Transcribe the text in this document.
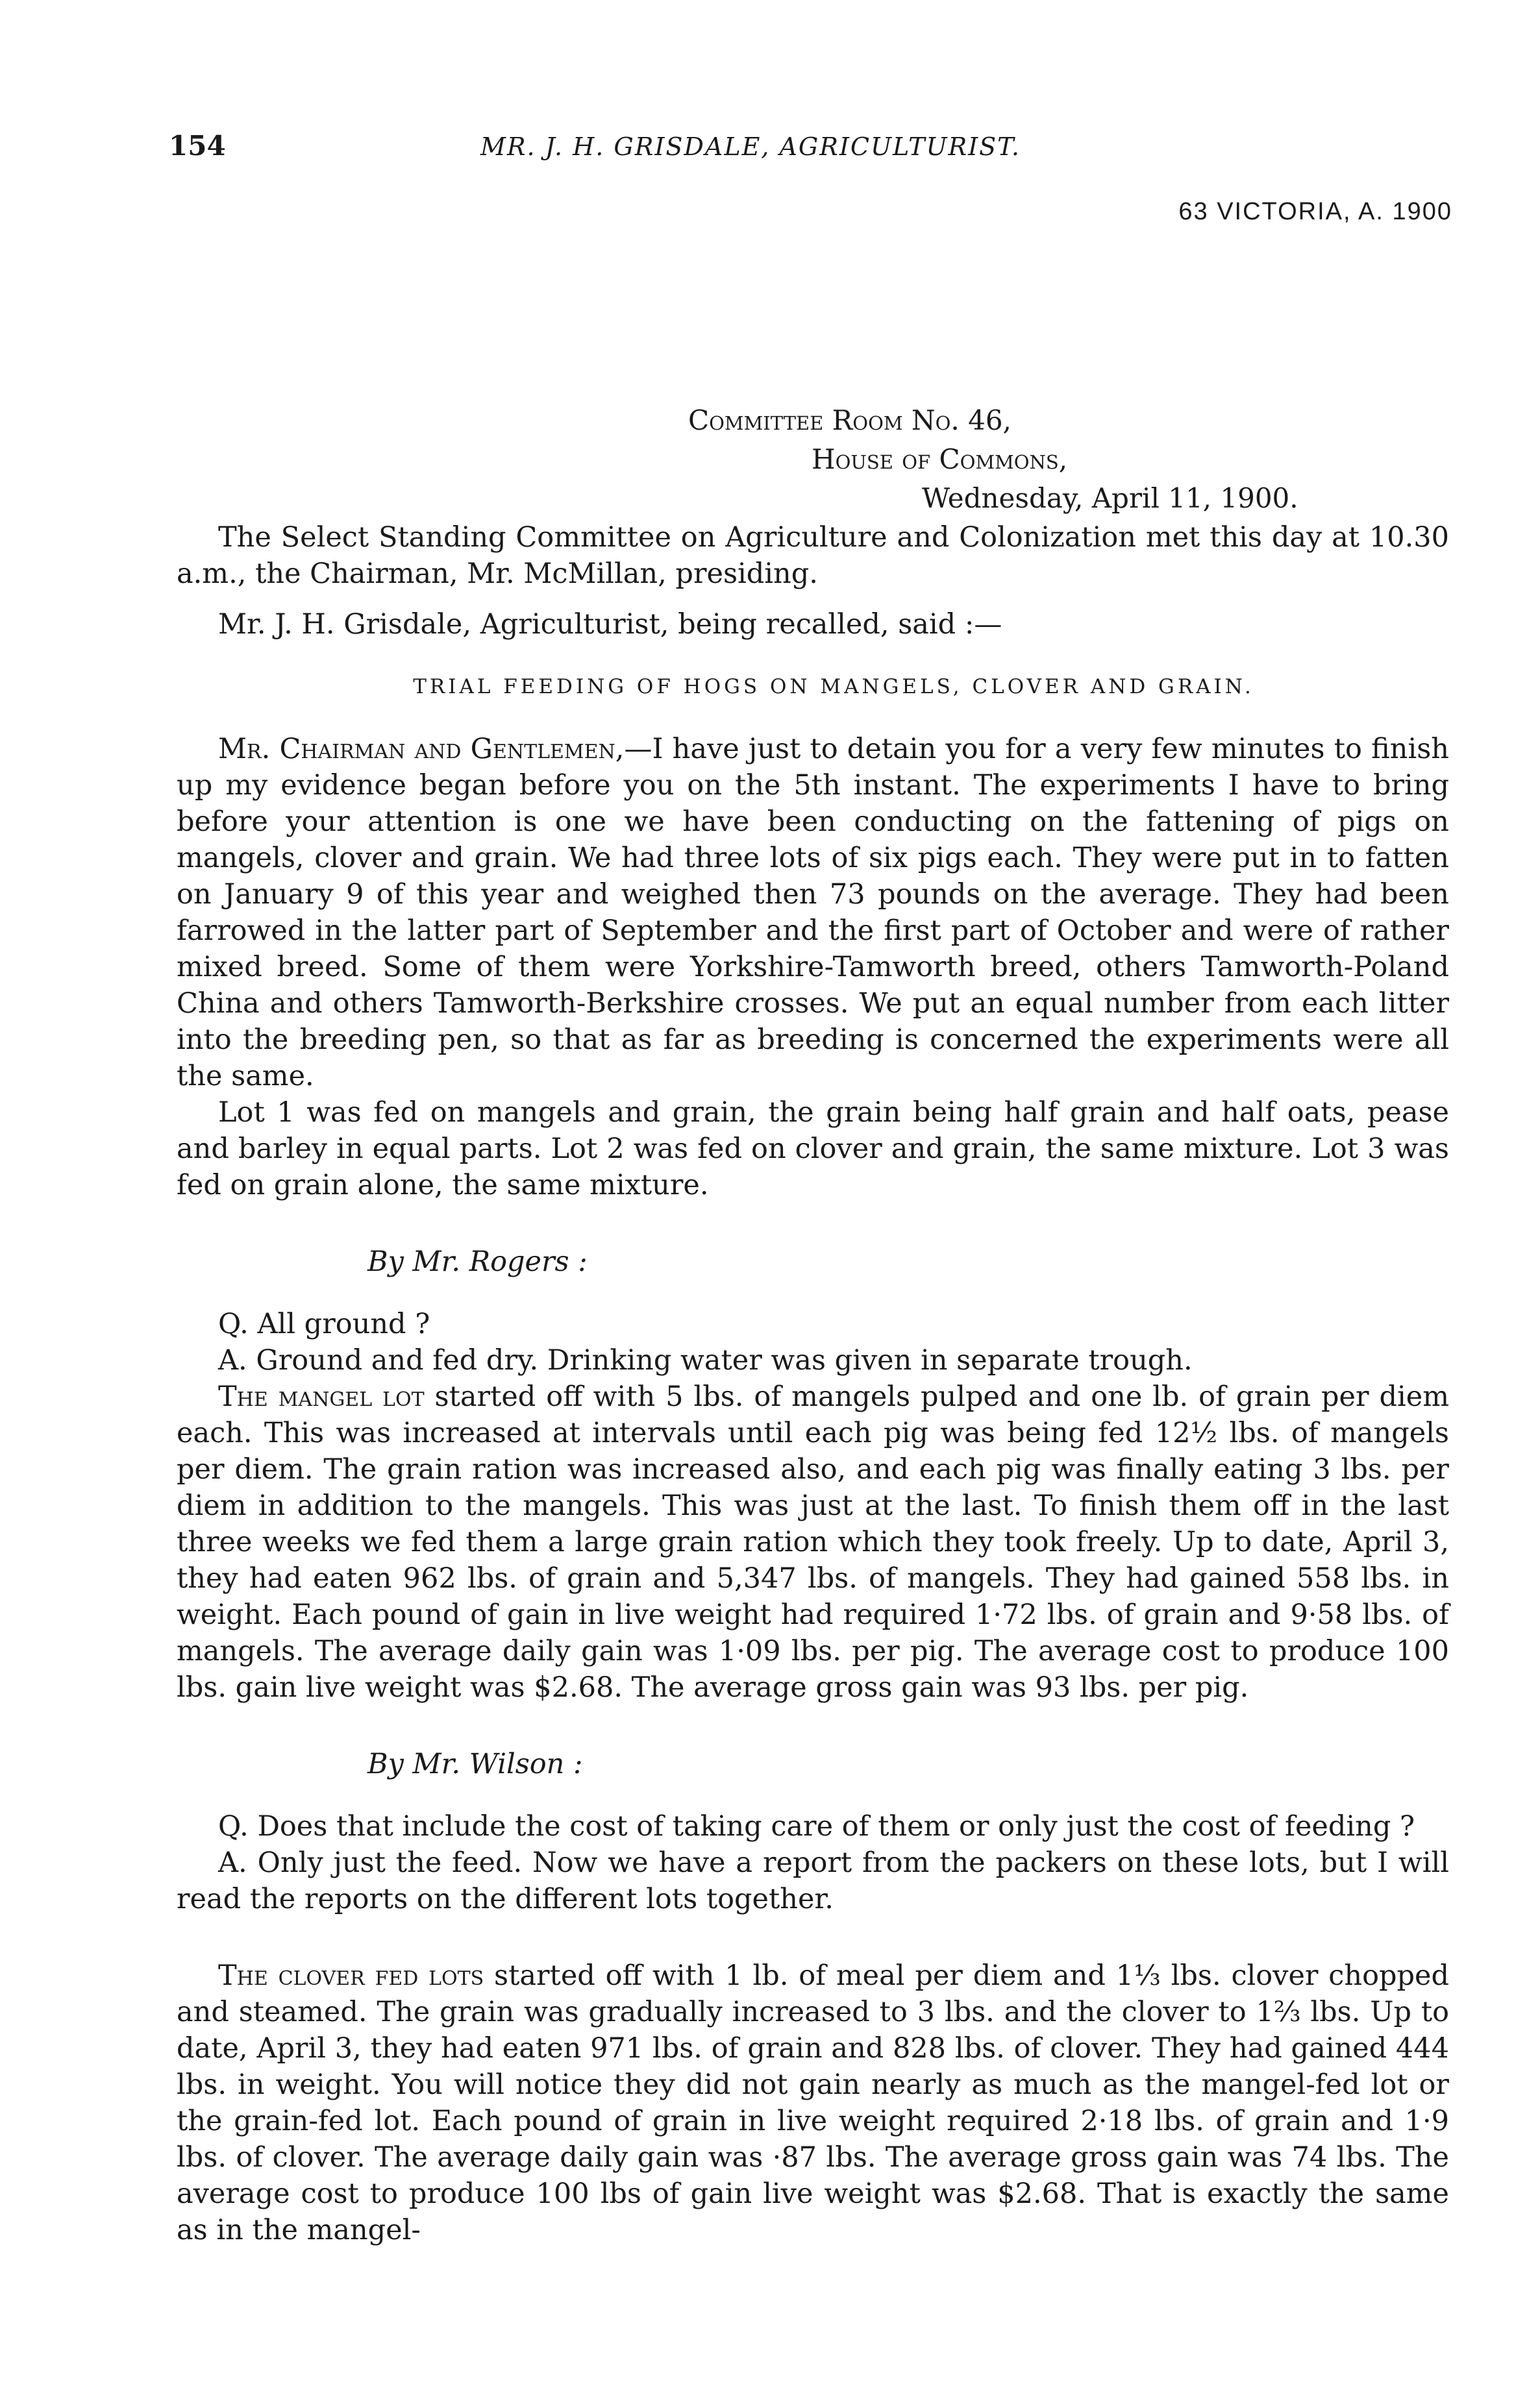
154	MR. J. H. GRISDALE, AGRICULTURIST.
63 VICTORIA, A. 1900
Committee Room No. 46,
House of Commons,
Wednesday, April 11, 1900.

The Select Standing Committee on Agriculture and Colonization met this day at 10.30 a.m., the Chairman, Mr. McMillan, presiding.

Mr. J. H. Grisdale, Agriculturist, being recalled, said :—

TRIAL FEEDING OF HOGS ON MANGELS, CLOVER AND GRAIN.

Mr. Chairman and Gentlemen,—I have just to detain you for a very few minutes to finish up my evidence began before you on the 5th instant. The experiments I have to bring before your attention is one we have been conducting on the fattening of pigs on mangels, clover and grain. We had three lots of six pigs each. They were put in to fatten on January 9 of this year and weighed then 73 pounds on the average. They had been farrowed in the latter part of September and the first part of October and were of rather mixed breed. Some of them were Yorkshire-Tamworth breed, others Tamworth-Poland China and others Tamworth-Berkshire crosses. We put an equal number from each litter into the breeding pen, so that as far as breeding is concerned the experiments were all the same.

Lot 1 was fed on mangels and grain, the grain being half grain and half oats, pease and barley in equal parts. Lot 2 was fed on clover and grain, the same mixture. Lot 3 was fed on grain alone, the same mixture.

By Mr. Rogers :

Q. All ground ?

A. Ground and fed dry. Drinking water was given in separate trough.

The mangel lot started off with 5 lbs. of mangels pulped and one lb. of grain per diem each. This was increased at intervals until each pig was being fed 12½ lbs. of mangels per diem. The grain ration was increased also, and each pig was finally eating 3 lbs. per diem in addition to the mangels. This was just at the last. To finish them off in the last three weeks we fed them a large grain ration which they took freely. Up to date, April 3, they had eaten 962 lbs. of grain and 5,347 lbs. of mangels. They had gained 558 lbs. in weight. Each pound of gain in live weight had required 1·72 lbs. of grain and 9·58 lbs. of mangels. The average daily gain was 1·09 lbs. per pig. The average cost to produce 100 lbs. gain live weight was $2.68. The average gross gain was 93 lbs. per pig.

By Mr. Wilson :

Q. Does that include the cost of taking care of them or only just the cost of feeding ?

A. Only just the feed. Now we have a report from the packers on these lots, but I will read the reports on the different lots together.

The clover fed lots started off with 1 lb. of meal per diem and 1⅓ lbs. clover chopped and steamed. The grain was gradually increased to 3 lbs. and the clover to 1⅔ lbs. Up to date, April 3, they had eaten 971 lbs. of grain and 828 lbs. of clover. They had gained 444 lbs. in weight. You will notice they did not gain nearly as much as the mangel-fed lot or the grain-fed lot. Each pound of grain in live weight required 2·18 lbs. of grain and 1·9 lbs. of clover. The average daily gain was ·87 lbs. The average gross gain was 74 lbs. The average cost to produce 100 lbs of gain live weight was $2.68. That is exactly the same as in the mangel-
